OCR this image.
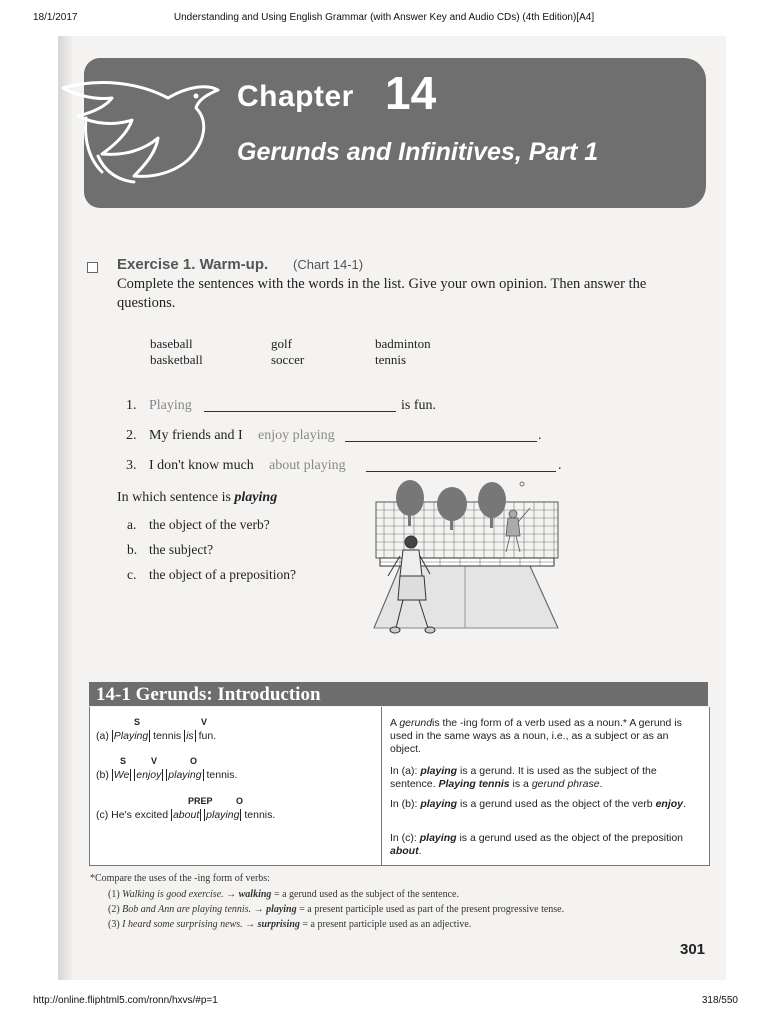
18/1/2017	Understanding and Using English Grammar (with Answer Key and Audio CDs) (4th Edition)[A4]
Chapter 14
Gerunds and Infinitives, Part 1
Exercise 1. Warm-up. (Chart 14-1)
Complete the sentences with the words in the list. Give your own opinion. Then answer the questions.
baseball	golf	badminton
basketball	soccer	tennis
1. Playing	is fun.
2. My friends and I enjoy playing	.
3. I don't know much about playing	.
In which sentence is playing
a. the object of the verb?
b. the subject?
c. the object of a preposition?
14-1 Gerunds: Introduction
S	V
(a) Playing tennis is fun.
S	V	O
(b) We enjoy playing tennis.
PREP	O
(c) He's excited about playing tennis.
A gerundis the -ing form of a verb used as a noun.* A gerund is used in the same ways as a noun, i.e., as a subject or as an object.
In (a): playing is a gerund. It is used as the subject of the sentence. Playing tennis is a gerund phrase.
In (b): playing is a gerund used as the object of the verb enjoy.
In (c): playing is a gerund used as the object of the preposition about.
*Compare the uses of the -ing form of verbs:
(1) Walking is good exercise. → walking = a gerund used as the subject of the sentence.
(2) Bob and Ann are playing tennis. → playing = a present participle used as part of the present progressive tense.
(3) I heard some surprising news. → surprising = a present participle used as an adjective.
301
http://online.fliphtml5.com/ronn/hxvs/#p=1	318/550
